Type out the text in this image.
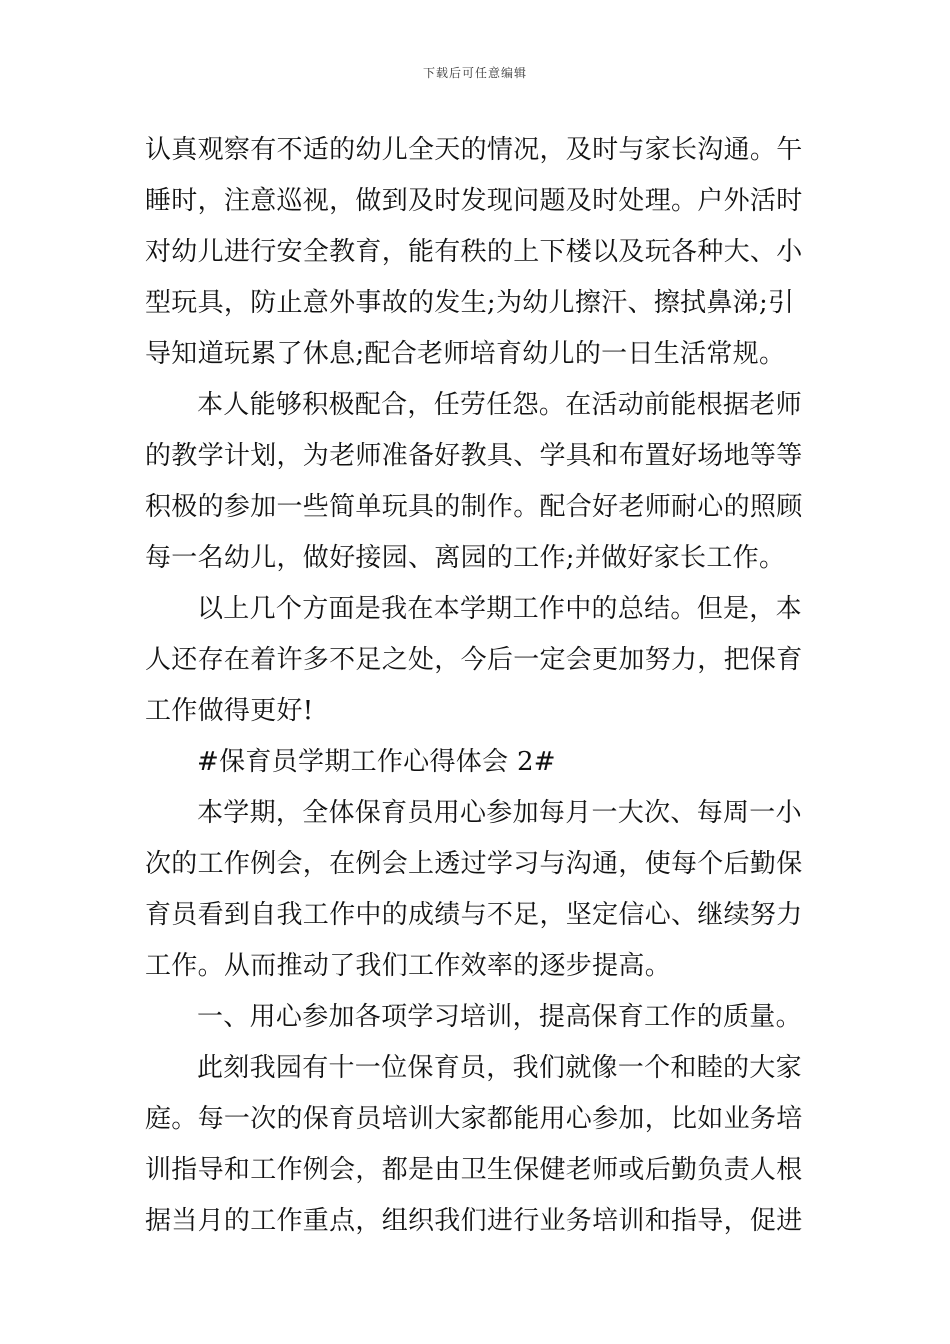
下载后可任意编辑
认真观察有不适的幼儿全天的情况，及时与家长沟通。午
睡时，注意巡视，做到及时发现问题及时处理。户外活时
对幼儿进行安全教育，能有秩的上下楼以及玩各种大、小
型玩具，防止意外事故的发生;为幼儿擦汗、擦拭鼻涕;引
导知道玩累了休息;配合老师培育幼儿的一日生活常规。
本人能够积极配合，任劳任怨。在活动前能根据老师
的教学计划，为老师准备好教具、学具和布置好场地等等
积极的参加一些简单玩具的制作。配合好老师耐心的照顾
每一名幼儿，做好接园、离园的工作;并做好家长工作。
以上几个方面是我在本学期工作中的总结。但是，本
人还存在着许多不足之处，今后一定会更加努力，把保育
工作做得更好!
#保育员学期工作心得体会 2#
本学期，全体保育员用心参加每月一大次、每周一小
次的工作例会，在例会上透过学习与沟通，使每个后勤保
育员看到自我工作中的成绩与不足，坚定信心、继续努力
工作。从而推动了我们工作效率的逐步提高。
一、用心参加各项学习培训，提高保育工作的质量。
此刻我园有十一位保育员，我们就像一个和睦的大家
庭。每一次的保育员培训大家都能用心参加，比如业务培
训指导和工作例会，都是由卫生保健老师或后勤负责人根
据当月的工作重点，组织我们进行业务培训和指导，促进
